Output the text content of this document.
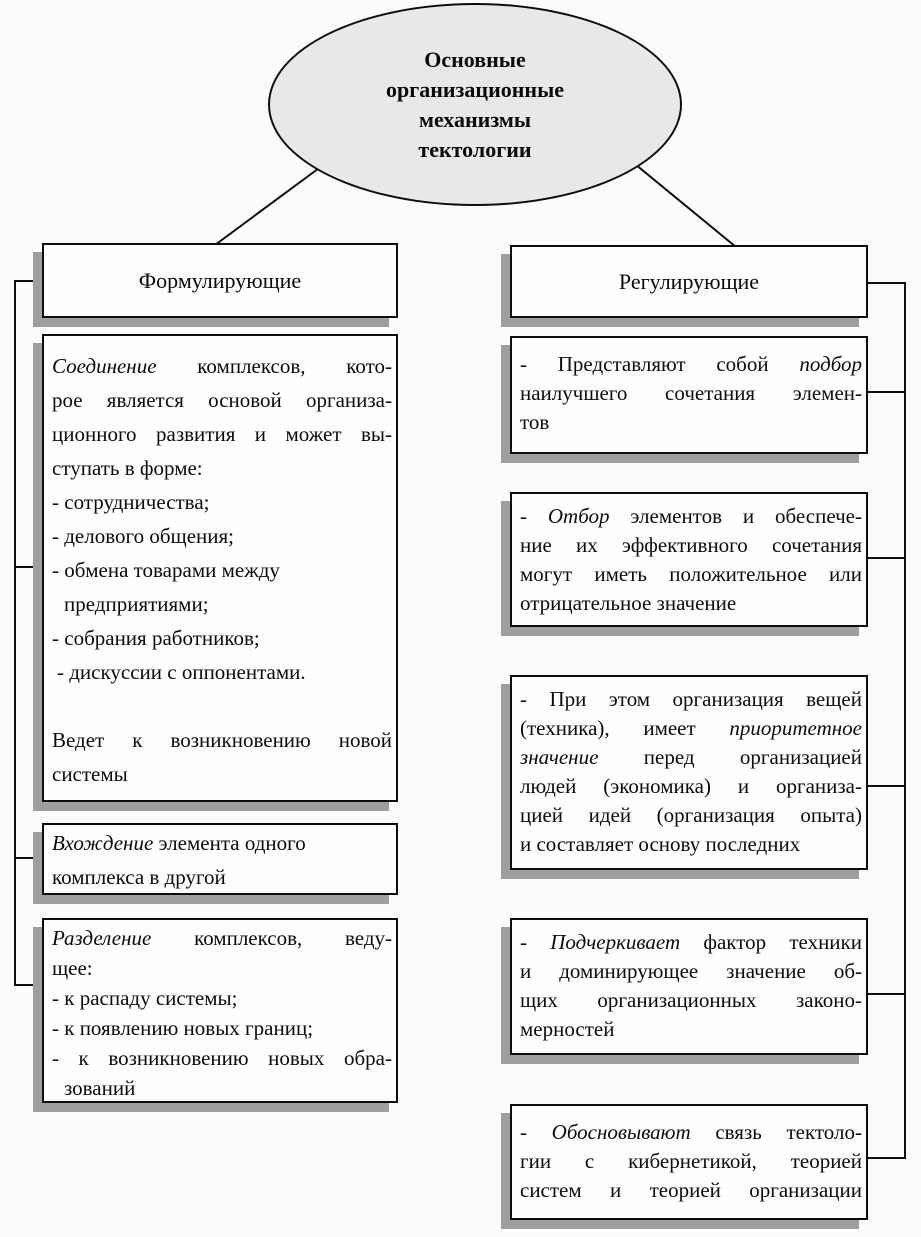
Основные
организационные
механизмы
тектологии
Формулирующие
Соединение комплексов, кото-
рое является основой организа-
ционного развития и может вы-
ступать в форме:
- сотрудничества;
- делового общения;
- обмена товарами между
предприятиями;
- собрания работников;
- дискуссии с оппонентами.

Ведет к возникновению новой
системы
Вхождение элемента одного
комплекса в другой
Разделение комплексов, веду-
щее:
- к распаду системы;
- к появлению новых границ;
- к возникновению новых обра-
зований
Регулирующие
- Представляют собой подбор
наилучшего сочетания элемен-
тов
- Отбор элементов и обеспече-
ние их эффективного сочетания
могут иметь положительное или
отрицательное значение
- При этом организация вещей
(техника), имеет приоритетное
значение перед организацией
людей (экономика) и организа-
цией идей (организация опыта)
и составляет основу последних
- Подчеркивает фактор техники
и доминирующее значение об-
щих организационных законо-
мерностей
- Обосновывают связь тектоло-
гии с кибернетикой, теорией
систем и теорией организации
